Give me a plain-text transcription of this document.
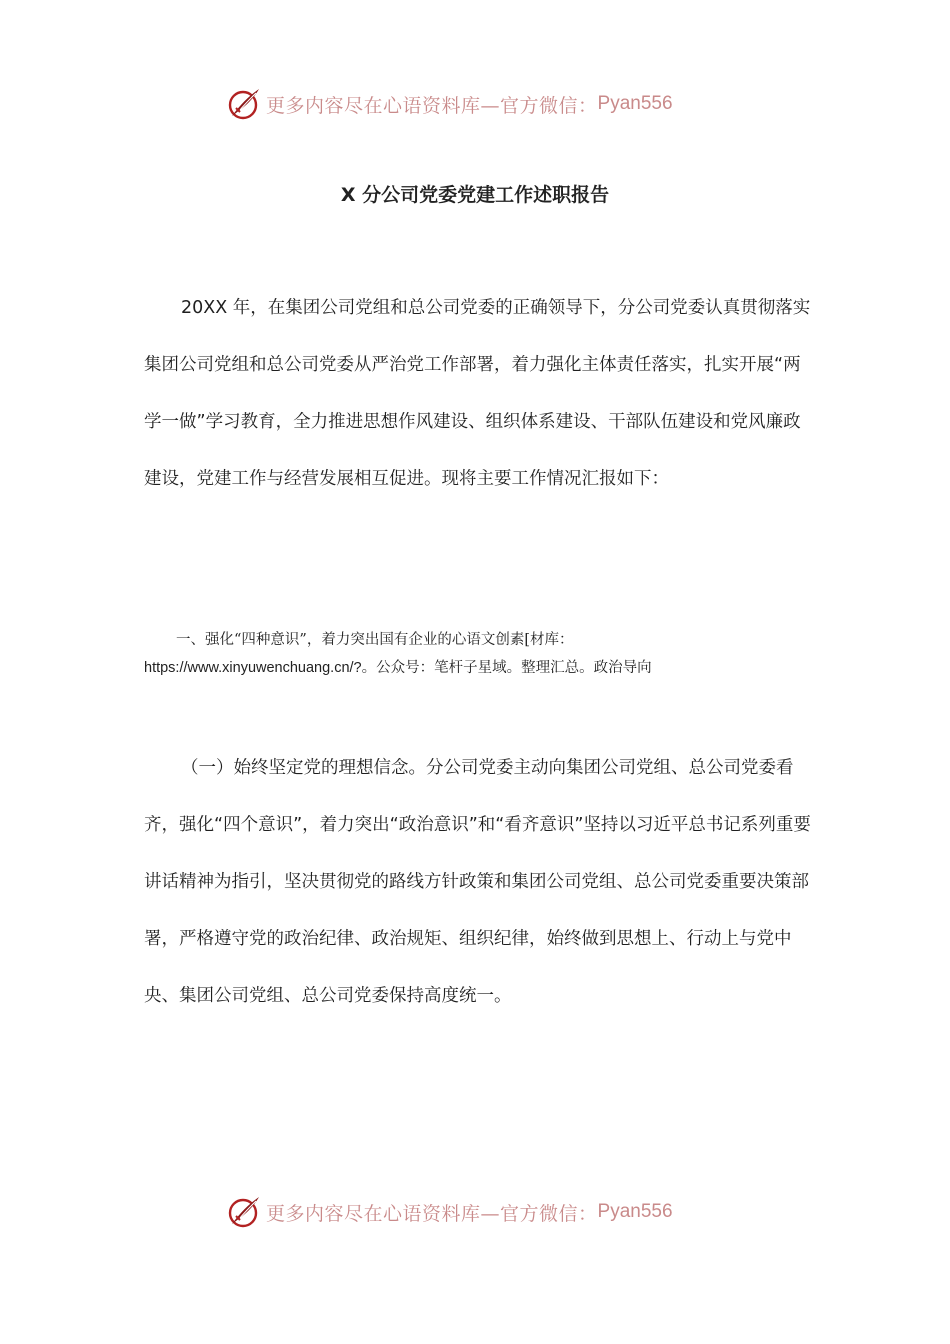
更多内容尽在心语资料库—官方微信： Pyan556
X 分公司党委党建工作述职报告

20XX 年，在集团公司党组和总公司党委的正确领导下，分公司党委认真贯彻落实集团公司党组和总公司党委从严治党工作部署，着力强化主体责任落实，扎实开展“两学一做”学习教育，全力推进思想作风建设、组织体系建设、干部队伍建设和党风廉政建设，党建工作与经营发展相互促进。现将主要工作情况汇报如下：

一、强化“四种意识”，着力突出国有企业的心语文创素[材库：
https://www.xinyuwenchuang.cn/?。公众号：笔杆子星域。整理汇总。政治导向

（一）始终坚定党的理想信念。分公司党委主动向集团公司党组、总公司党委看齐，强化“四个意识”，着力突出“政治意识”和“看齐意识”坚持以习近平总书记系列重要讲话精神为指引，坚决贯彻党的路线方针政策和集团公司党组、总公司党委重要决策部署，严格遵守党的政治纪律、政治规矩、组织纪律，始终做到思想上、行动上与党中央、集团公司党组、总公司党委保持高度统一。

更多内容尽在心语资料库—官方微信： Pyan556
